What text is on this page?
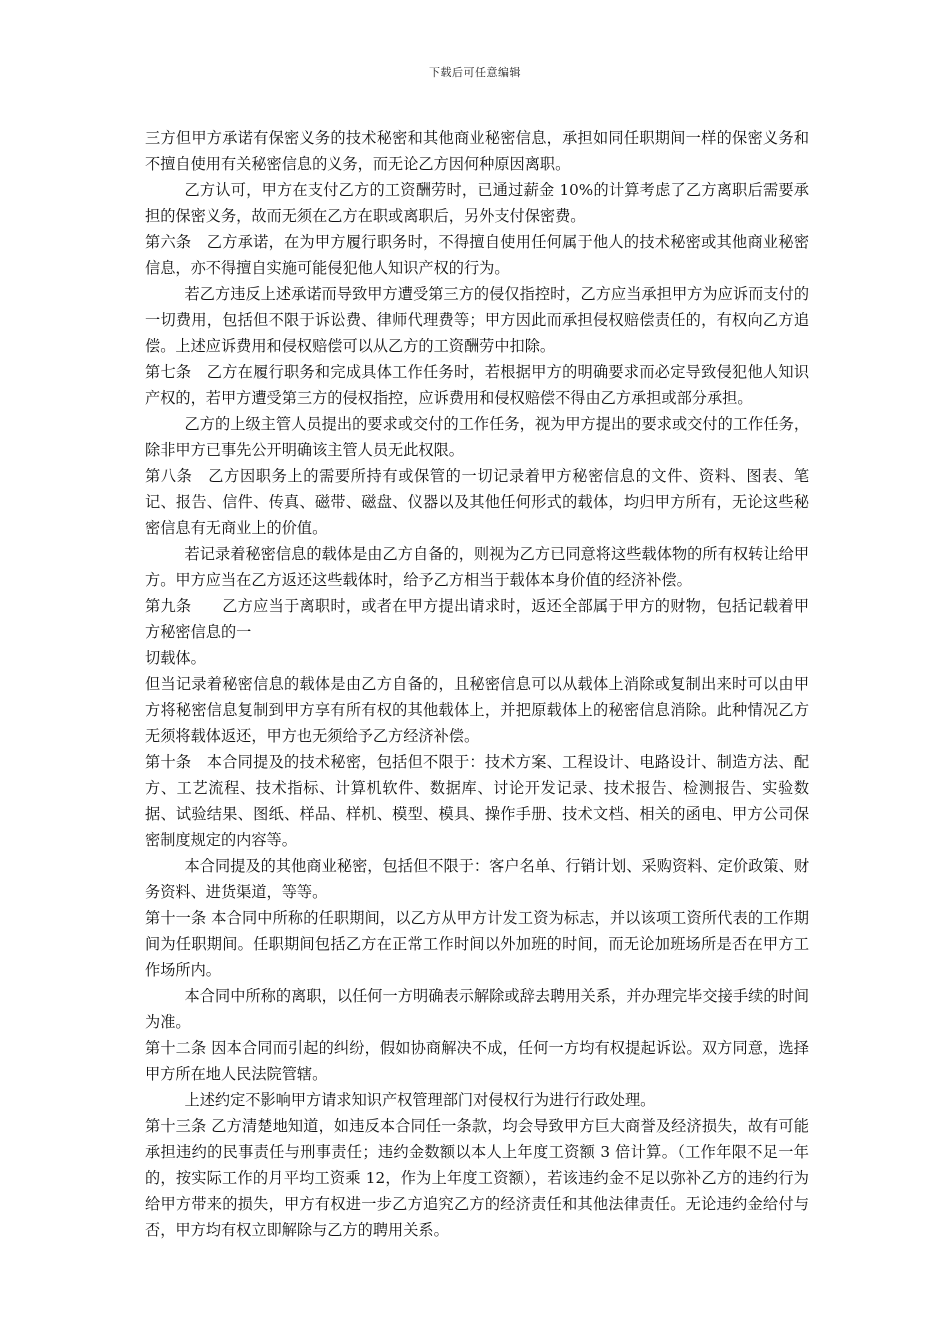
下载后可任意编辑

三方但甲方承诺有保密义务的技术秘密和其他商业秘密信息，承担如同任职期间一样的保密义务和不擅自使用有关秘密信息的义务，而无论乙方因何种原因离职。

乙方认可，甲方在支付乙方的工资酬劳时，已通过薪金 10%的计算考虑了乙方离职后需要承担的保密义务，故而无须在乙方在职或离职后，另外支付保密费。

第六条　乙方承诺，在为甲方履行职务时，不得擅自使用任何属于他人的技术秘密或其他商业秘密信息，亦不得擅自实施可能侵犯他人知识产权的行为。

若乙方违反上述承诺而导致甲方遭受第三方的侵仅指控时，乙方应当承担甲方为应诉而支付的一切费用，包括但不限于诉讼费、律师代理费等；甲方因此而承担侵权赔偿责任的，有权向乙方追偿。上述应诉费用和侵权赔偿可以从乙方的工资酬劳中扣除。

第七条　乙方在履行职务和完成具体工作任务时，若根据甲方的明确要求而必定导致侵犯他人知识产权的，若甲方遭受第三方的侵权指控，应诉费用和侵权赔偿不得由乙方承担或部分承担。

乙方的上级主管人员提出的要求或交付的工作任务，视为甲方提出的要求或交付的工作任务，除非甲方已事先公开明确该主管人员无此权限。

第八条　乙方因职务上的需要所持有或保管的一切记录着甲方秘密信息的文件、资料、图表、笔记、报告、信件、传真、磁带、磁盘、仪器以及其他任何形式的载体，均归甲方所有，无论这些秘密信息有无商业上的价值。

若记录着秘密信息的载体是由乙方自备的，则视为乙方已同意将这些载体物的所有权转让给甲方。甲方应当在乙方返还这些载体时，给予乙方相当于载体本身价值的经济补偿。

第九条　　乙方应当于离职时，或者在甲方提出请求时，返还全部属于甲方的财物，包括记载着甲方秘密信息的一

切载体。

但当记录着秘密信息的载体是由乙方自备的，且秘密信息可以从载体上消除或复制出来时可以由甲方将秘密信息复制到甲方享有所有权的其他载体上，并把原载体上的秘密信息消除。此种情况乙方无须将载体返还，甲方也无须给予乙方经济补偿。

第十条　本合同提及的技术秘密，包括但不限于：技术方案、工程设计、电路设计、制造方法、配方、工艺流程、技术指标、计算机软件、数据库、讨论开发记录、技术报告、检测报告、实验数据、试验结果、图纸、样品、样机、模型、模具、操作手册、技术文档、相关的函电、甲方公司保密制度规定的内容等。

本合同提及的其他商业秘密，包括但不限于：客户名单、行销计划、采购资料、定价政策、财务资料、进货渠道，等等。

第十一条 本合同中所称的任职期间，以乙方从甲方计发工资为标志，并以该项工资所代表的工作期间为任职期间。任职期间包括乙方在正常工作时间以外加班的时间，而无论加班场所是否在甲方工作场所内。

本合同中所称的离职，以任何一方明确表示解除或辞去聘用关系，并办理完毕交接手续的时间为准。

第十二条 因本合同而引起的纠纷，假如协商解决不成，任何一方均有权提起诉讼。双方同意，选择甲方所在地人民法院管辖。

上述约定不影响甲方请求知识产权管理部门对侵权行为进行行政处理。

第十三条 乙方清楚地知道，如违反本合同任一条款，均会导致甲方巨大商誉及经济损失，故有可能承担违约的民事责任与刑事责任；违约金数额以本人上年度工资额 3 倍计算。（工作年限不足一年的，按实际工作的月平均工资乘 12，作为上年度工资额），若该违约金不足以弥补乙方的违约行为给甲方带来的损失，甲方有权进一步乙方追究乙方的经济责任和其他法律责任。无论违约金给付与否，甲方均有权立即解除与乙方的聘用关系。
